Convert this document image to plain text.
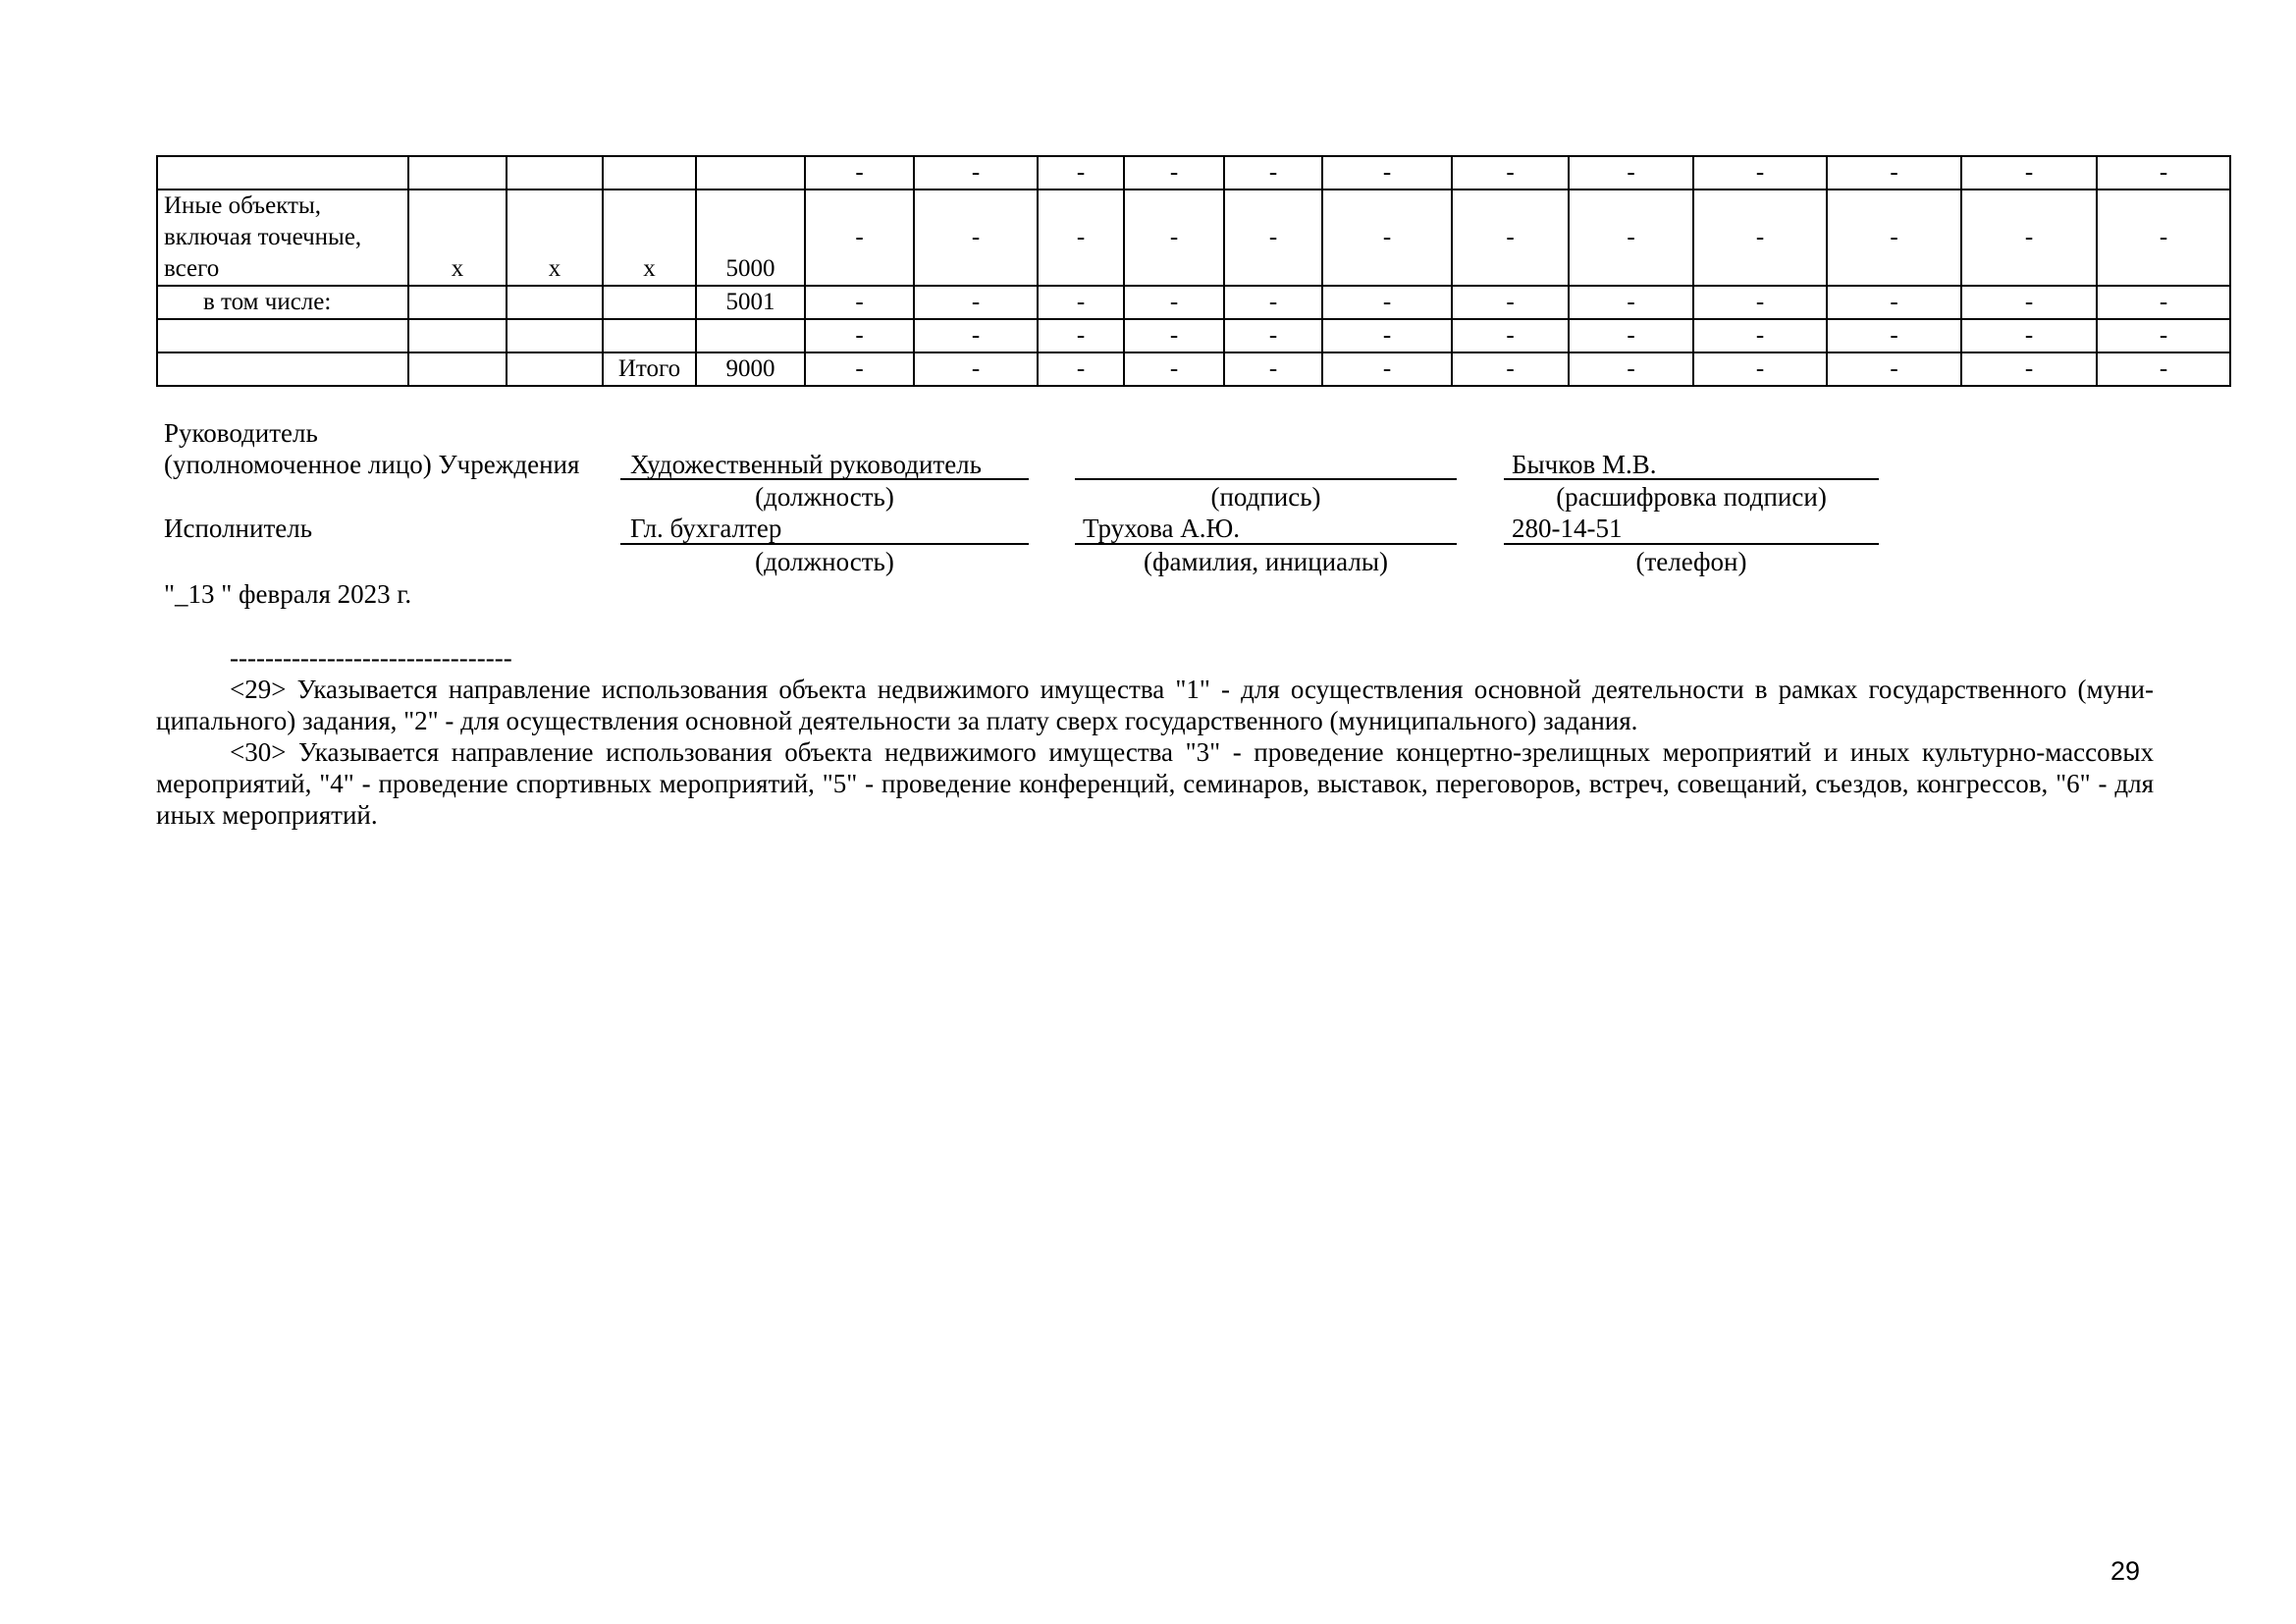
					-	-	-	-	-	-	-	-	-	-	-	-

Иные объекты,
включая точечные,
всего	x	x	x	5000	-	-	-	-	-	-	-	-	-	-	-	-
в том числе:				5001	-	-	-	-	-	-	-	-	-	-	-	-
					-	-	-	-	-	-	-	-	-	-	-	-
			Итого	9000	-	-	-	-	-	-	-	-	-	-	-	-
Руководитель
(уполномоченное лицо) Учреждения Художественный руководитель	Бычков М.В.
(должность)	(подпись)	(расшифровка подписи)
Исполнитель	Гл. бухгалтер	Трухова А.Ю.	280-14-51
(должность)	(фамилия, инициалы)	(телефон)
"_13 " февраля 2023 г.

--------------------------------

<29> Указывается направление использования объекта недвижимого имущества "1" - для осуществления основной деятельности в рамках государственного (муни-ципального) задания, "2" - для осуществления основной деятельности за плату сверх государственного (муниципального) задания.

<30> Указывается направление использования объекта недвижимого имущества "3" - проведение концертно-зрелищных мероприятий и иных культурно-массовых мероприятий, "4" - проведение спортивных мероприятий, "5" - проведение конференций, семинаров, выставок, переговоров, встреч, совещаний, съездов, конгрессов, "6" - для иных мероприятий.

29
